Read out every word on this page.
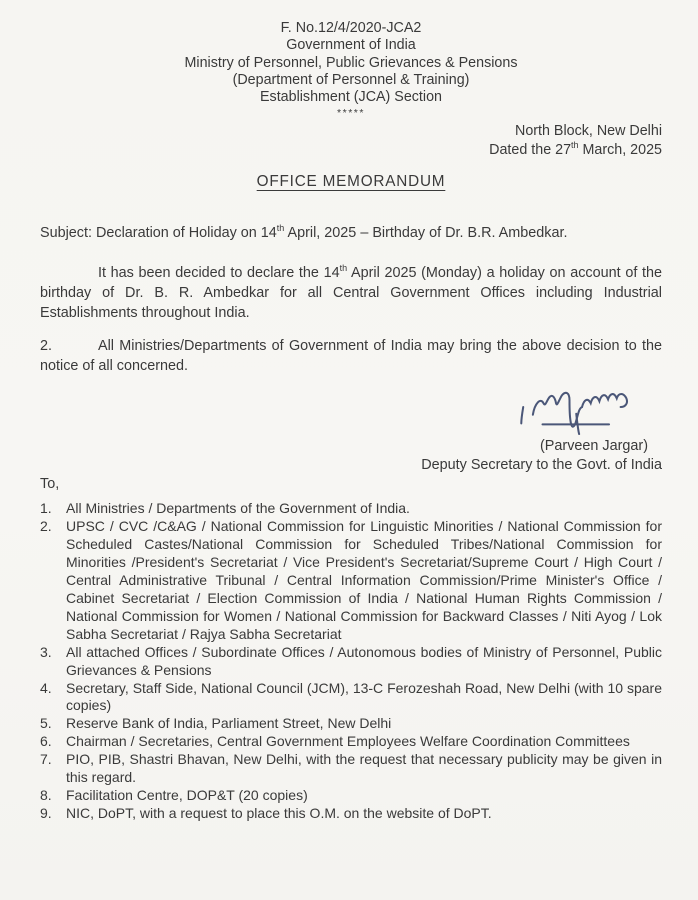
F. No.12/4/2020-JCA2
Government of India
Ministry of Personnel, Public Grievances & Pensions
(Department of Personnel & Training)
Establishment (JCA) Section
*****
North Block, New Delhi
Dated the 27th March, 2025
OFFICE MEMORANDUM
Subject: Declaration of Holiday on 14th April, 2025 – Birthday of Dr. B.R. Ambedkar.
It has been decided to declare the 14th April 2025 (Monday) a holiday on account of the birthday of Dr. B. R. Ambedkar for all Central Government Offices including Industrial Establishments throughout India.
2.	All Ministries/Departments of Government of India may bring the above decision to the notice of all concerned.
(Parveen Jargar)
Deputy Secretary to the Govt. of India
To,
1.	All Ministries / Departments of the Government of India.
2.	UPSC / CVC /C&AG / National Commission for Linguistic Minorities / National Commission for Scheduled Castes/National Commission for Scheduled Tribes/National Commission for Minorities /President's Secretariat / Vice President's Secretariat/Supreme Court / High Court / Central Administrative Tribunal / Central Information Commission/Prime Minister's Office / Cabinet Secretariat / Election Commission of India / National Human Rights Commission / National Commission for Women / National Commission for Backward Classes / Niti Ayog / Lok Sabha Secretariat / Rajya Sabha Secretariat
3.	All attached Offices / Subordinate Offices / Autonomous bodies of Ministry of Personnel, Public Grievances & Pensions
4.	Secretary, Staff Side, National Council (JCM), 13-C Ferozeshah Road, New Delhi (with 10 spare copies)
5.	Reserve Bank of India, Parliament Street, New Delhi
6.	Chairman / Secretaries, Central Government Employees Welfare Coordination Committees
7.	PIO, PIB, Shastri Bhavan, New Delhi, with the request that necessary publicity may be given in this regard.
8.	Facilitation Centre, DOP&T (20 copies)
9.	NIC, DoPT, with a request to place this O.M. on the website of DoPT.
